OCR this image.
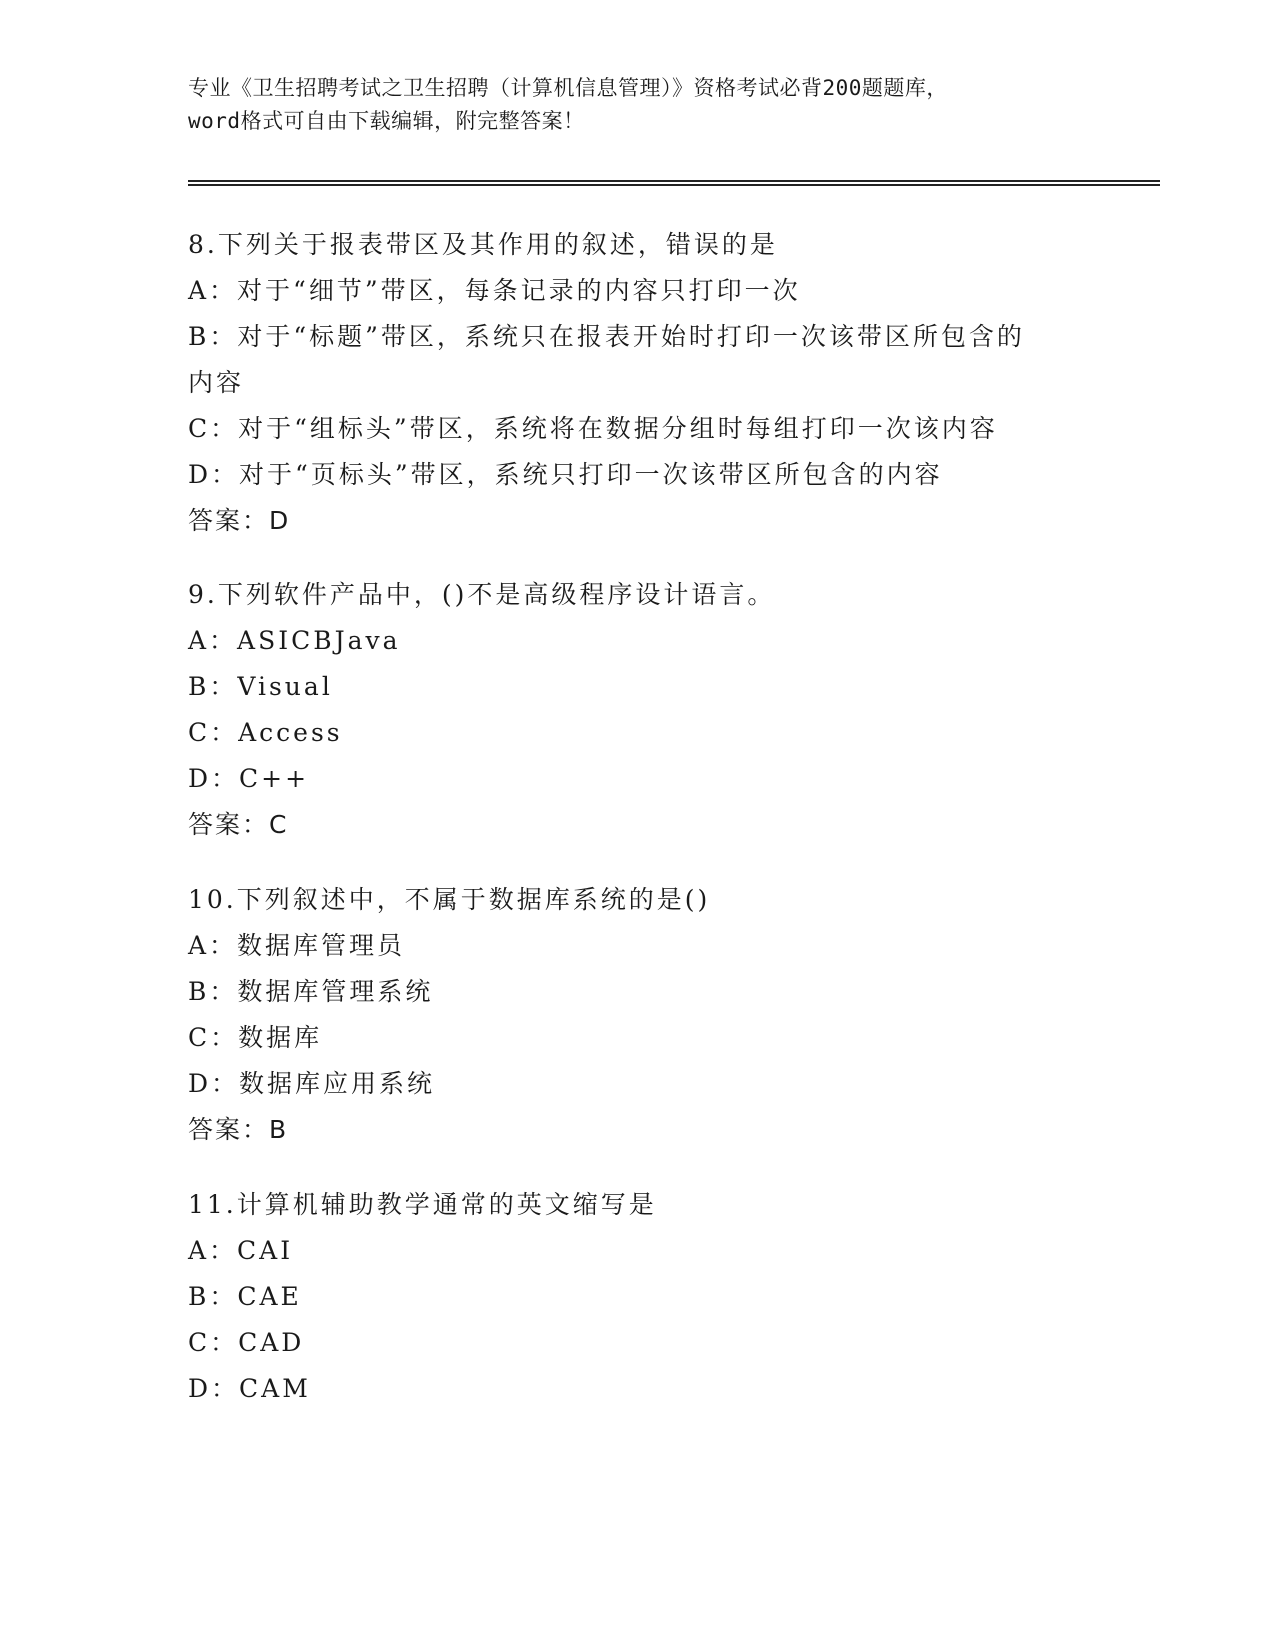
专业《卫生招聘考试之卫生招聘（计算机信息管理）》资格考试必背200题题库，
word格式可自由下载编辑，附完整答案！
8.下列关于报表带区及其作用的叙述，错误的是
A：对于“细节”带区，每条记录的内容只打印一次
B：对于“标题”带区，系统只在报表开始时打印一次该带区所包含的内容
C：对于“组标头”带区，系统将在数据分组时每组打印一次该内容
D：对于“页标头”带区，系统只打印一次该带区所包含的内容
答案：D
9.下列软件产品中，()不是高级程序设计语言。
A：ASICBJava
B：Visual
C：Access
D：C++
答案：C
10.下列叙述中，不属于数据库系统的是()
A：数据库管理员
B：数据库管理系统
C：数据库
D：数据库应用系统
答案：B
11.计算机辅助教学通常的英文缩写是
A：CAI
B：CAE
C：CAD
D：CAM
